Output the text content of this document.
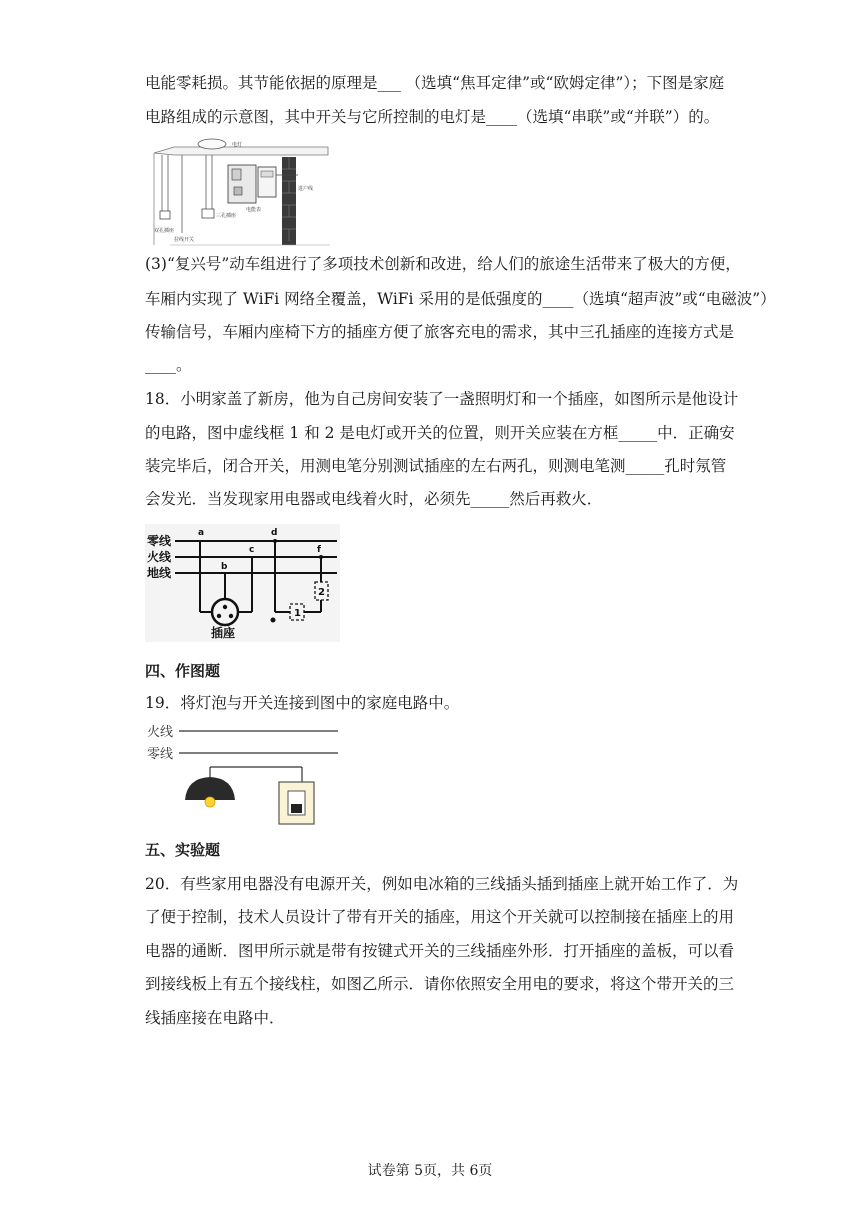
电能零耗损。其节能依据的原理是___ （选填“焦耳定律”或“欧姆定律”）；下图是家庭
电路组成的示意图，其中开关与它所控制的电灯是____（选填“串联”或“并联”）的。
电灯
电能表
进户线
双孔插座
三孔插座
拉线开关
(3)“复兴号”动车组进行了多项技术创新和改进，给人们的旅途生活带来了极大的方便，
车厢内实现了 WiFi 网络全覆盖，WiFi 采用的是低强度的____（选填“超声波”或“电磁波”）
传输信号，车厢内座椅下方的插座方便了旅客充电的需求，其中三孔插座的连接方式是
____。
18．小明家盖了新房，他为自己房间安装了一盏照明灯和一个插座，如图所示是他设计
的电路，图中虚线框 1 和 2 是电灯或开关的位置，则开关应装在方框_____中．正确安
装完毕后，闭合开关，用测电笔分别测试插座的左右两孔，则测电笔测_____孔时氖管
会发光．当发现家用电器或电线着火时，必须先_____然后再救火．
零线
火线
地线
a
b
c
d
f
插座
1
2
四、作图题
19．将灯泡与开关连接到图中的家庭电路中。
火线
零线
五、实验题
20．有些家用电器没有电源开关，例如电冰箱的三线插头插到插座上就开始工作了．为
了便于控制，技术人员设计了带有开关的插座，用这个开关就可以控制接在插座上的用
电器的通断．图甲所示就是带有按键式开关的三线插座外形．打开插座的盖板，可以看
到接线板上有五个接线柱，如图乙所示．请你依照安全用电的要求，将这个带开关的三
线插座接在电路中．
试卷第 5页，共 6页
